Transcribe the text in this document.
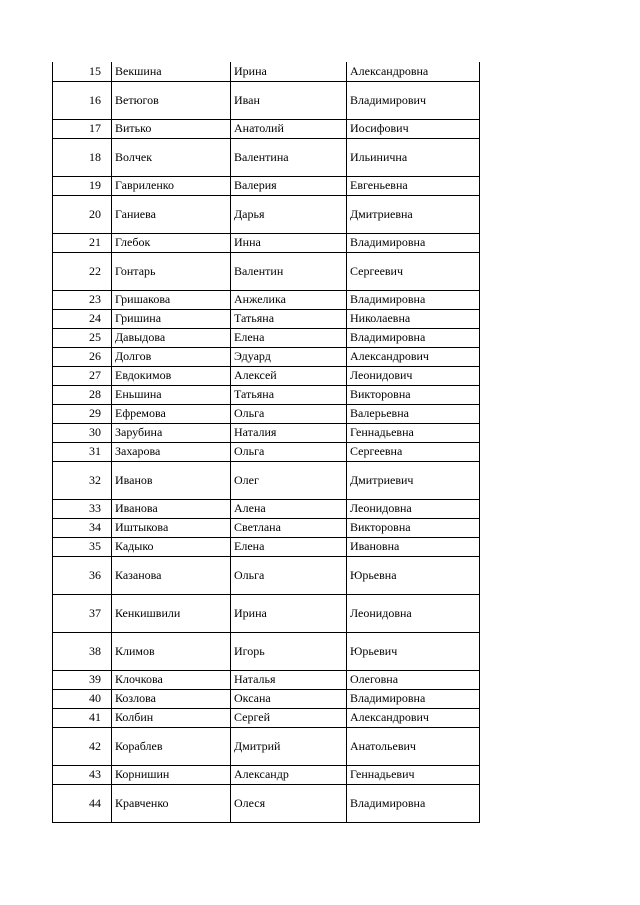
15	Векшина	Ирина	Александровна
16	Ветюгов	Иван	Владимирович
17	Витько	Анатолий	Иосифович
18	Волчек	Валентина	Ильинична
19	Гавриленко	Валерия	Евгеньевна
20	Ганиева	Дарья	Дмитриевна
21	Глебок	Инна	Владимировна
22	Гонтарь	Валентин	Сергеевич
23	Гришакова	Анжелика	Владимировна
24	Гришина	Татьяна	Николаевна
25	Давыдова	Елена	Владимировна
26	Долгов	Эдуард	Александрович
27	Евдокимов	Алексей	Леонидович
28	Еньшина	Татьяна	Викторовна
29	Ефремова	Ольга	Валерьевна
30	Зарубина	Наталия	Геннадьевна
31	Захарова	Ольга	Сергеевна
32	Иванов	Олег	Дмитриевич
33	Иванова	Алена	Леонидовна
34	Иштыкова	Светлана	Викторовна
35	Кадыко	Елена	Ивановна
36	Казанова	Ольга	Юрьевна
37	Кенкишвили	Ирина	Леонидовна
38	Климов	Игорь	Юрьевич
39	Клочкова	Наталья	Олеговна
40	Козлова	Оксана	Владимировна
41	Колбин	Сергей	Александрович
42	Кораблев	Дмитрий	Анатольевич
43	Корнишин	Александр	Геннадьевич
44	Кравченко	Олеся	Владимировна
